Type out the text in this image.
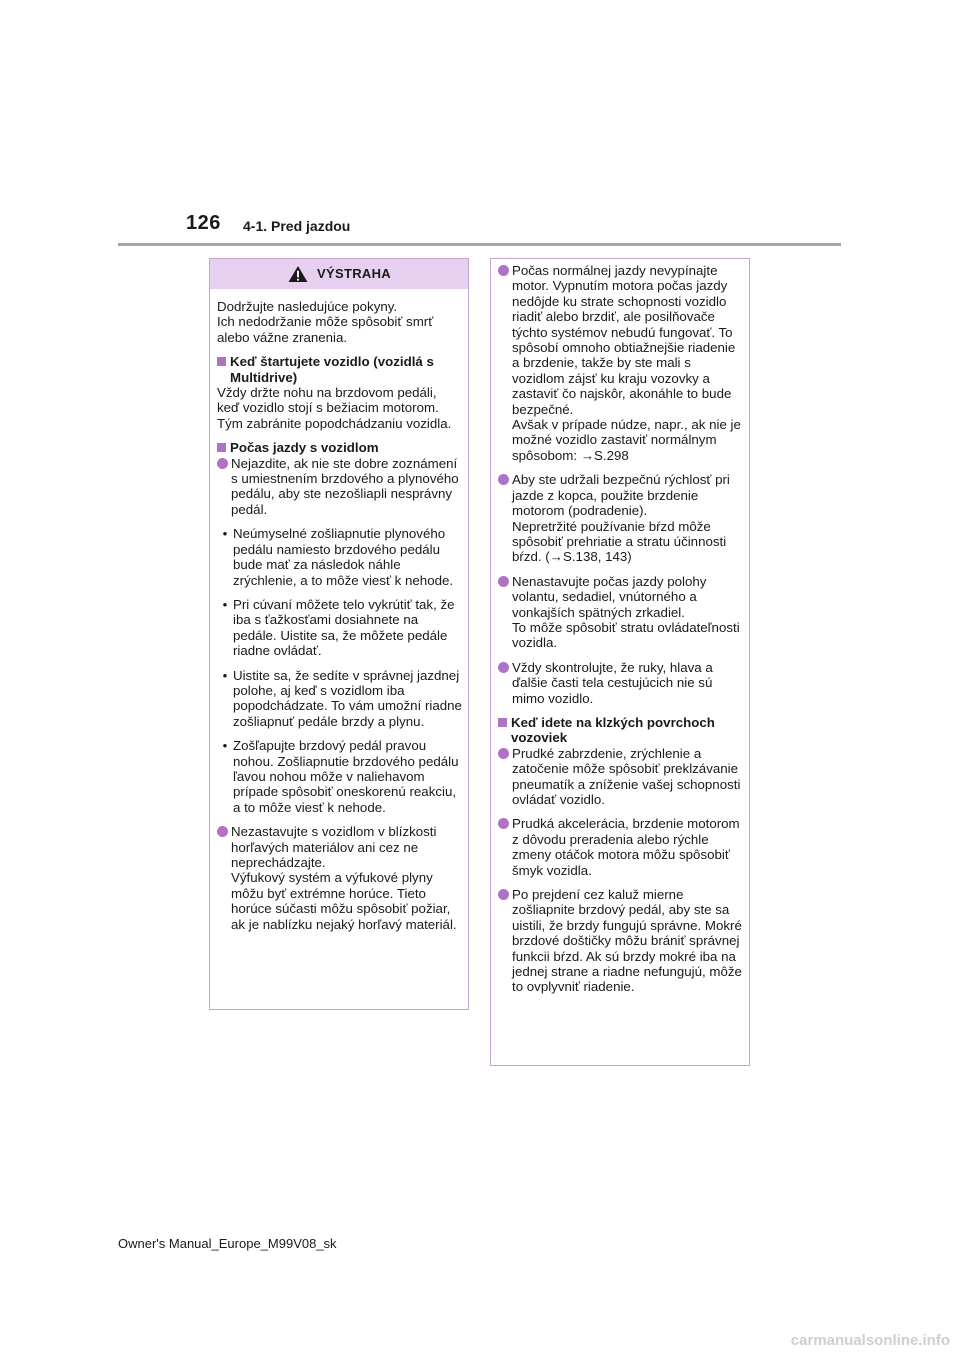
126 4-1. Pred jazdou
VÝSTRAHA
Dodržujte nasledujúce pokyny.
Ich nedodržanie môže spôsobiť smrť alebo vážne zranenia.
Keď štartujete vozidlo (vozidlá s Multidrive)
Vždy držte nohu na brzdovom pedáli, keď vozidlo stojí s bežiacim motorom. Tým zabránite popodchádzaniu vozidla.
Počas jazdy s vozidlom
Nejazdite, ak nie ste dobre zoznámení s umiestnením brzdového a plynového pedálu, aby ste nezošliapli nesprávny pedál.
• Neúmyselné zošliapnutie plynového pedálu namiesto brzdového pedálu bude mať za následok náhle zrýchlenie, a to môže viesť k nehode.
• Pri cúvaní môžete telo vykrútiť tak, že iba s ťažkosťami dosiahnete na pedále. Uistite sa, že môžete pedále riadne ovládať.
• Uistite sa, že sedíte v správnej jazdnej polohe, aj keď s vozidlom iba popodchádzate. To vám umožní riadne zošliapnuť pedále brzdy a plynu.
• Zošľapujte brzdový pedál pravou nohou. Zošliapnutie brzdového pedálu ľavou nohou môže v naliehavom prípade spôsobiť oneskorenú reakciu, a to môže viesť k nehode.
Nezastavujte s vozidlom v blízkosti horľavých materiálov ani cez ne neprechádzajte.
Výfukový systém a výfukové plyny môžu byť extrémne horúce. Tieto horúce súčasti môžu spôsobiť požiar, ak je nablízku nejaký horľavý materiál.
Počas normálnej jazdy nevypínajte motor. Vypnutím motora počas jazdy nedôjde ku strate schopnosti vozidlo riadiť alebo brzdiť, ale posilňovače týchto systémov nebudú fungovať. To spôsobí omnoho obtiažnejšie riadenie a brzdenie, takže by ste mali s vozidlom zájsť ku kraju vozovky a zastaviť čo najskôr, akonáhle to bude bezpečné.
Avšak v prípade núdze, napr., ak nie je možné vozidlo zastaviť normálnym spôsobom: →S.298
Aby ste udržali bezpečnú rýchlosť pri jazde z kopca, použite brzdenie motorom (podradenie).
Nepretržité používanie bŕzd môže spôsobiť prehriatie a stratu účinnosti bŕzd. (→S.138, 143)
Nenastavujte počas jazdy polohy volantu, sedadiel, vnútorného a vonkajších spätných zrkadiel.
To môže spôsobiť stratu ovládateľnosti vozidla.
Vždy skontrolujte, že ruky, hlava a ďalšie časti tela cestujúcich nie sú mimo vozidlo.
Keď idete na klzkých povrchoch vozoviek
Prudké zabrzdenie, zrýchlenie a zatočenie môže spôsobiť preklzávanie pneumatík a zníženie vašej schopnosti ovládať vozidlo.
Prudká akcelerácia, brzdenie motorom z dôvodu preradenia alebo rýchle zmeny otáčok motora môžu spôsobiť šmyk vozidla.
Po prejdení cez kaluž mierne zošliapnite brzdový pedál, aby ste sa uistili, že brzdy fungujú správne. Mokré brzdové doštičky môžu brániť správnej funkcii bŕzd. Ak sú brzdy mokré iba na jednej strane a riadne nefungujú, môže to ovplyvniť riadenie.
Owner's Manual_Europe_M99V08_sk
carmanualsonline.info
